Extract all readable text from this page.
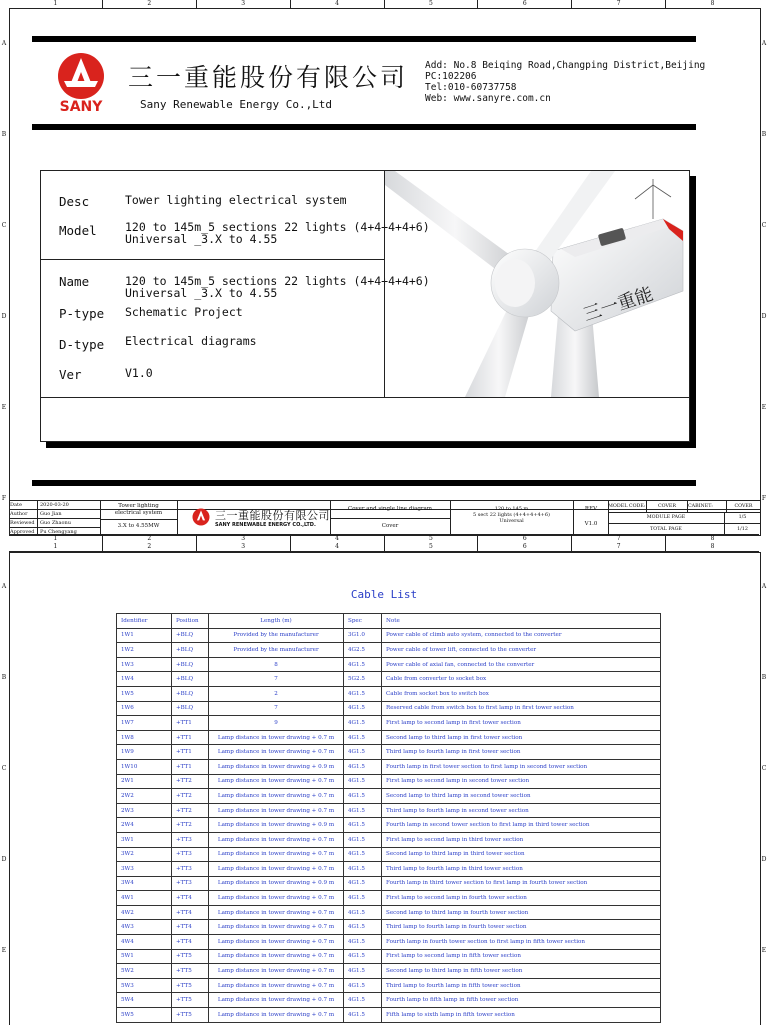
1	2	3	4	5	6	7	8
A	A
B	B
C	C
D	D
E	E
F	F
SANY
三一重能股份有限公司
Sany Renewable Energy Co.,Ltd
Add: No.8 Beiqing Road,Changping District,Beijing
PC:102206
Tel:010-60737758
Web: www.sanyre.com.cn
Desc	Tower lighting electrical system
Model 120 to 145m_5 sections 22 lights (4+4+4+4+6)
Universal _3.X to 4.55
Name	120 to 145m_5 sections 22 lights (4+4+4+4+6)
Universal _3.X to 4.55
P-type Schematic Project
D-type Electrical diagrams
Ver	V1.0
三一重能
Date	2020-03-20
Author	Guo Jian
Reviewed	Guo Zhaonu
Approved	Pu Chengyang
Tower lighting
electrical system
3.X to 4.55MW
三一重能股份有限公司
SANY RENEWABLE ENERGY CO.,LTD.
Cover and single line diagram
Cover
120 to 145 m
5 sect 22 lights (4+4+4+4+6)
Universal
REV
V1.0
MODEL CODE:	COVER	CABINET:	COVER
MODULE PAGE	1/5
TOTAL PAGE	1/12
1	2	3	4	5	6	7	8
1	2	3	4	5	6	7	8
A	A
B	B
C	C
D	D
E	E
Cable List
Identifier	Position	Length (m)	Spec	Note
1W1	+BLQ	Provided by the manufacturer	3G1.0	Power cable of climb auto system, connected to the converter
1W2	+BLQ	Provided by the manufacturer	4G2.5	Power cable of tower lift, connected to the converter
1W3	+BLQ	8	4G1.5	Power cable of axial fan, connected to the converter
1W4	+BLQ	7	5G2.5	Cable from converter to socket box
1W5	+BLQ	2	4G1.5	Cable from socket box to switch box
1W6	+BLQ	7	4G1.5	Reserved cable from switch box to first lamp in first tower section
1W7	+TT1	9	4G1.5	First lamp to second lamp in first tower section
1W8	+TT1	Lamp distance in tower drawing + 0.7 m	4G1.5	Second lamp to third lamp in first tower section
1W9	+TT1	Lamp distance in tower drawing + 0.7 m	4G1.5	Third lamp to fourth lamp in first tower section
1W10	+TT1	Lamp distance in tower drawing + 0.9 m	4G1.5	Fourth lamp in first tower section to first lamp in second tower section
2W1	+TT2	Lamp distance in tower drawing + 0.7 m	4G1.5	First lamp to second lamp in second tower section
2W2	+TT2	Lamp distance in tower drawing + 0.7 m	4G1.5	Second lamp to third lamp in second tower section
2W3	+TT2	Lamp distance in tower drawing + 0.7 m	4G1.5	Third lamp to fourth lamp in second tower section
2W4	+TT2	Lamp distance in tower drawing + 0.9 m	4G1.5	Fourth lamp in second tower section to first lamp in third tower section
3W1	+TT3	Lamp distance in tower drawing + 0.7 m	4G1.5	First lamp to second lamp in third tower section
3W2	+TT3	Lamp distance in tower drawing + 0.7 m	4G1.5	Second lamp to third lamp in third tower section
3W3	+TT3	Lamp distance in tower drawing + 0.7 m	4G1.5	Third lamp to fourth lamp in third tower section
3W4	+TT3	Lamp distance in tower drawing + 0.9 m	4G1.5	Fourth lamp in third tower section to first lamp in fourth tower section
4W1	+TT4	Lamp distance in tower drawing + 0.7 m	4G1.5	First lamp to second lamp in fourth tower section
4W2	+TT4	Lamp distance in tower drawing + 0.7 m	4G1.5	Second lamp to third lamp in fourth tower section
4W3	+TT4	Lamp distance in tower drawing + 0.7 m	4G1.5	Third lamp to fourth lamp in fourth tower section
4W4	+TT4	Lamp distance in tower drawing + 0.7 m	4G1.5	Fourth lamp in fourth tower section to first lamp in fifth tower section
5W1	+TT5	Lamp distance in tower drawing + 0.7 m	4G1.5	First lamp to second lamp in fifth tower section
5W2	+TT5	Lamp distance in tower drawing + 0.7 m	4G1.5	Second lamp to third lamp in fifth tower section
5W3	+TT5	Lamp distance in tower drawing + 0.7 m	4G1.5	Third lamp to fourth lamp in fifth tower section
5W4	+TT5	Lamp distance in tower drawing + 0.7 m	4G1.5	Fourth lamp to fifth lamp in fifth tower section
5W5	+TT5	Lamp distance in tower drawing + 0.7 m	4G1.5	Fifth lamp to sixth lamp in fifth tower section
